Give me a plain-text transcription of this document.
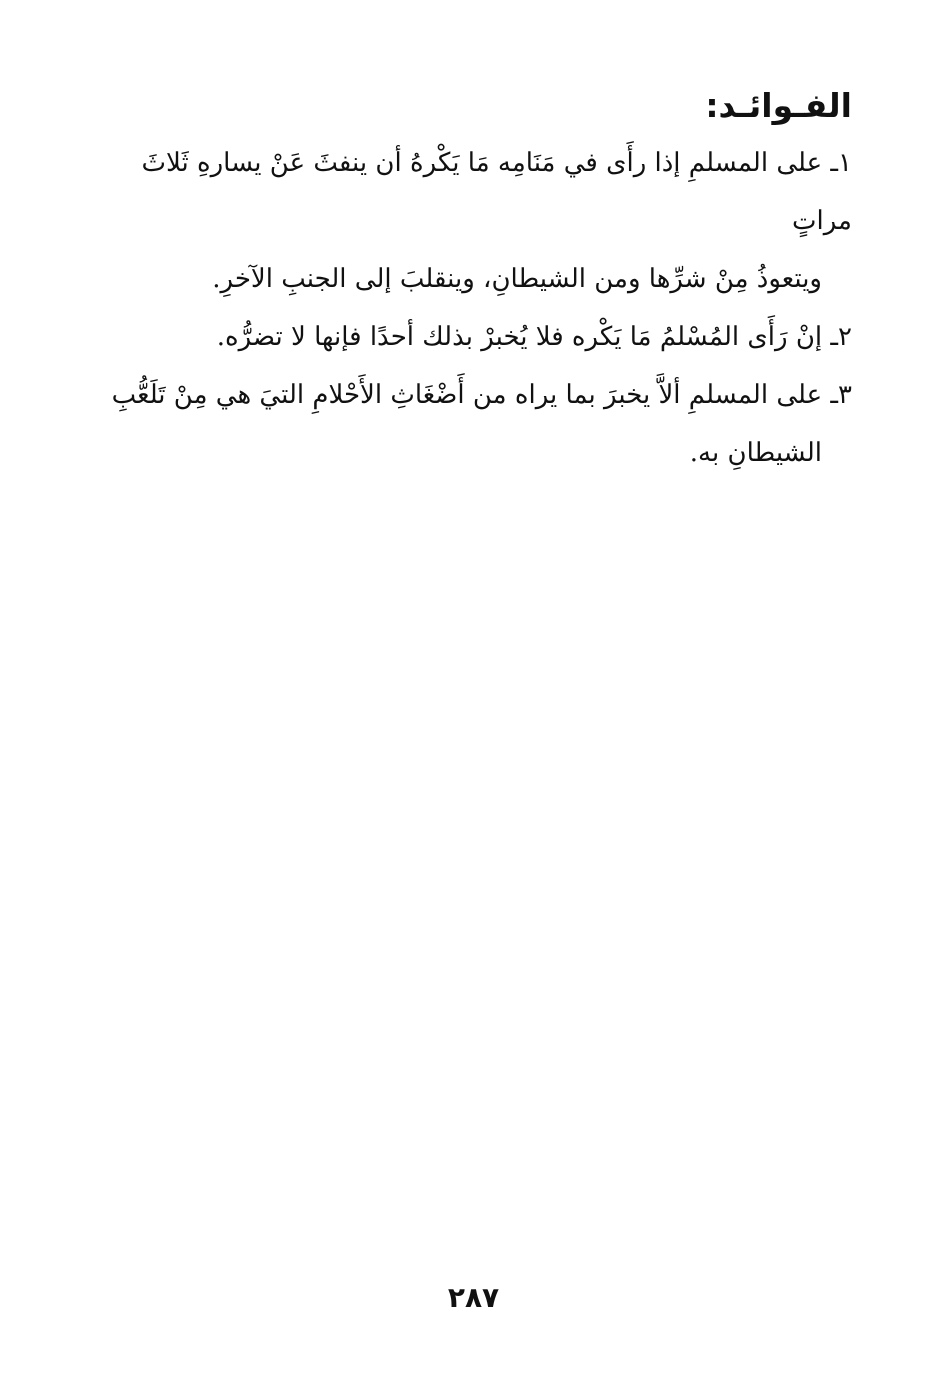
الفـوائـد:

١ـ على المسلمِ إذا رأَى في مَنَامِه مَا يَكْرهُ أن ينفثَ عَنْ يسارهِ ثَلاثَ مراتٍ
ويتعوذُ مِنْ شرِّها ومن الشيطانِ، وينقلبَ إلى الجنبِ الآخرِ.

٢ـ إنْ رَأَى المُسْلمُ مَا يَكْره فلا يُخبرْ بذلك أحدًا فإنها لا تضرُّه.

٣ـ على المسلمِ ألاَّ يخبرَ بما يراه من أَضْغَاثِ الأَحْلامِ التيَ هي مِنْ تَلَعُّبِ
الشيطانِ به.

٢٨٧
